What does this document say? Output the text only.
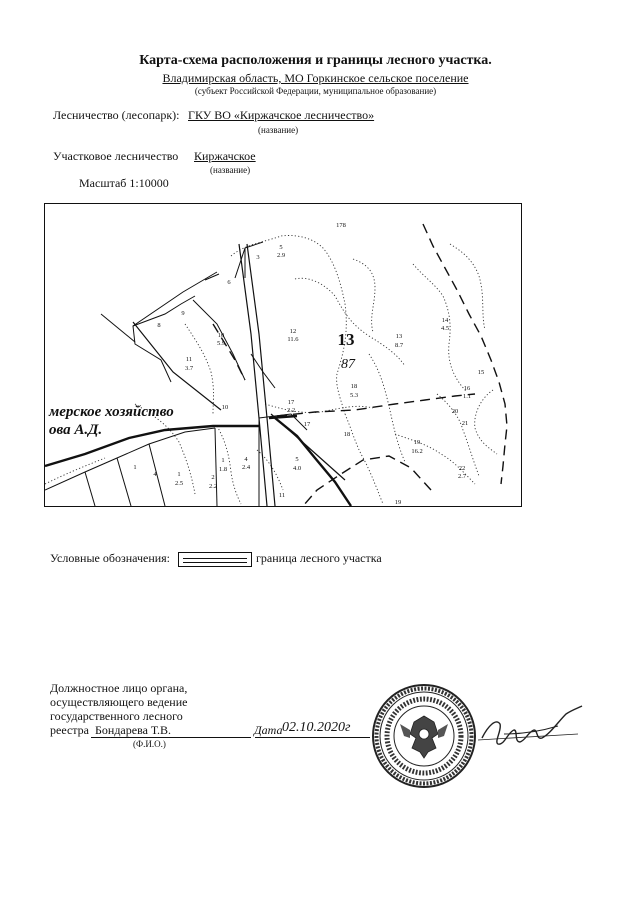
Карта-схема расположения и границы лесного участка.
Владимирская область, МО Горкинское сельское поселение
(субъект Российской Федерации, муниципальное образование)
Лесничество (лесопарк): ГКУ ВО «Киржачское лесничество»
(название)
Участковое лесничество Киржачское
(название)
Масштаб 1:10000
5
2.9
3
6
8
9
10
5.9
12
11.6	13
8.7
14
4.5
11
3.7
10
17
2.2
18
5.3
16
1.1
15
20
21
17
18
19
16.2
22
2.7
4
2.4
5
4.0
1
2.5
2
2.2
1
1.8
1
4
19
11
178
13
87
мерское хозяйство
ова А.Д.
Условные обозначения:	граница лесного участка
Должностное лицо органа,
осуществляющего ведение
государственного лесного
реестра Бондарева Т.В.
(Ф.И.О.)
Дата 02.10.2020г
